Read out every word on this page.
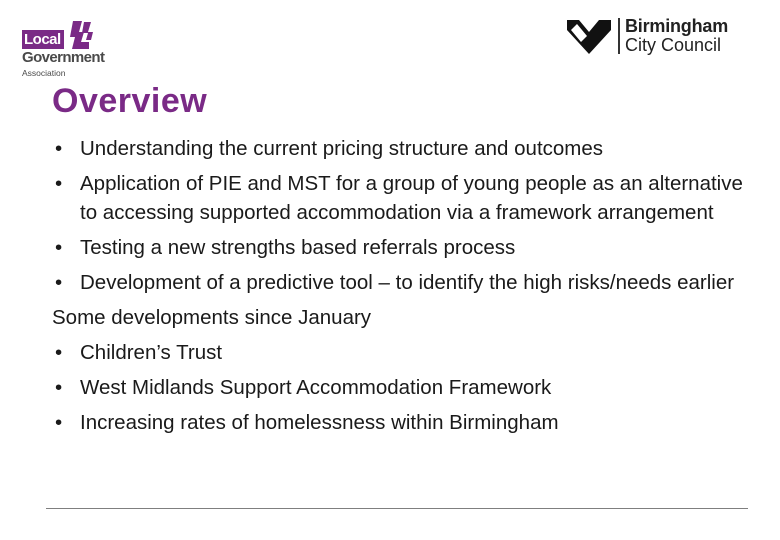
Local
Government
Association
Birmingham
City Council
Overview
• Understanding the current pricing structure and outcomes
• Application of PIE and MST for a group of young people as an alternative to accessing supported accommodation via a framework arrangement
• Testing a new strengths based referrals process
• Development of a predictive tool – to identify the high risks/needs earlier

Some developments since January

• Children’s Trust
• West Midlands Support Accommodation Framework
• Increasing rates of homelessness within Birmingham
